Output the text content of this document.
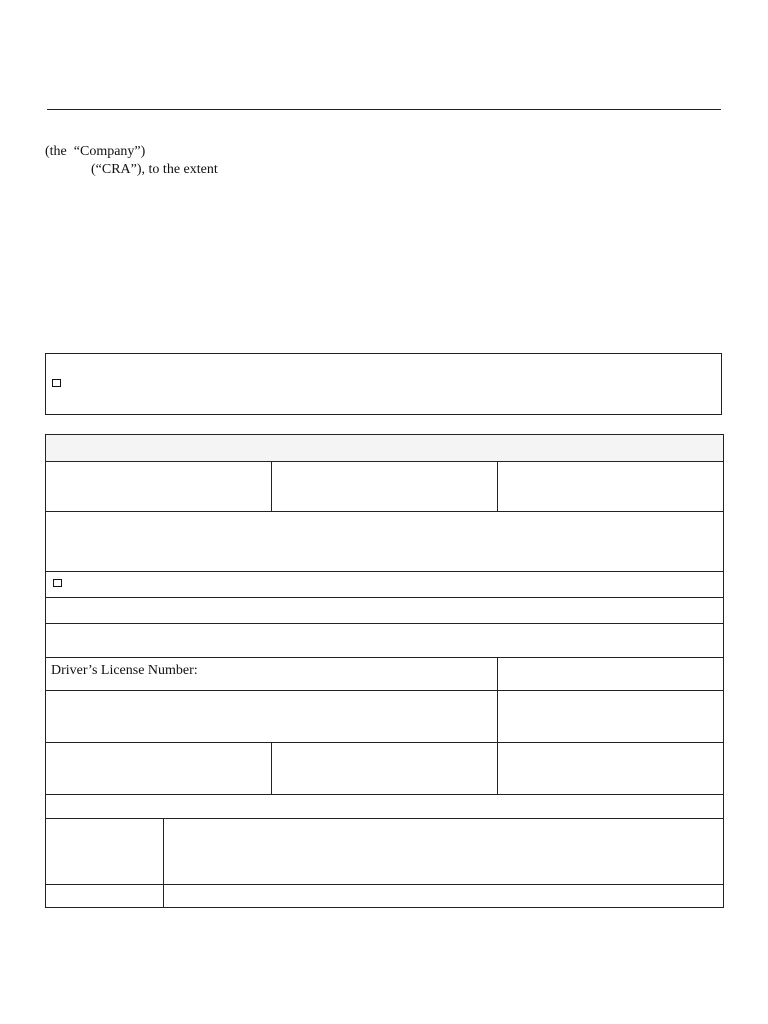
(the  “Company”)
(“CRA”), to the extent
Driver’s License Number:
